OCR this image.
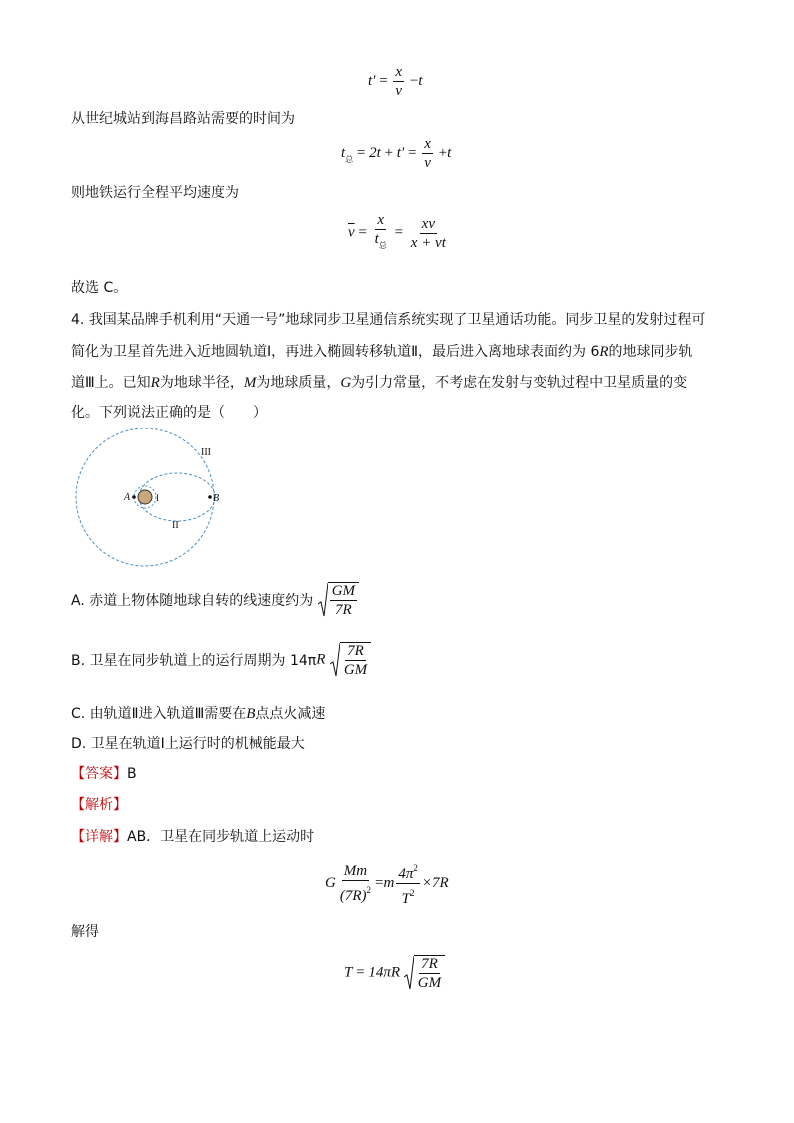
$t' = \frac{x}{v} -t$
从世纪城站到海昌路站需要的时间为
$t_总 = 2t + t' = \frac{x}{v} +t$
则地铁运行全程平均速度为
$\overline{v} = \frac{x}{t_总} = \frac{xv}{x + vt}$
故选 C。
4. 我国某品牌手机利用“天通一号”地球同步卫星通信系统实现了卫星通话功能。同步卫星的发射过程可
简化为卫星首先进入近地圆轨道Ⅰ，再进入椭圆转移轨道Ⅱ，最后进入离地球表面约为 6R的地球同步轨
道Ⅲ上。已知R为地球半径，M为地球质量，G为引力常量，不考虑在发射与变轨过程中卫星质量的变
化。下列说法正确的是（　　）
III
II
I
A	B
A. 赤道上物体随地球自转的线速度约为 $\frac{GM}{7R}$
B. 卫星在同步轨道上的运行周期为 $14\pi R \frac{7R}{GM}$
C. 由轨道Ⅱ进入轨道Ⅲ需要在B点点火减速
D. 卫星在轨道Ⅰ上运行时的机械能最大
【答案】B
【解析】
【详解】AB．卫星在同步轨道上运动时
G $\frac{Mm}{(7R)^2} =m \frac{4\pi^2}{T^2} \times 7R$
解得
$T = 14\pi R \frac{7R}{GM}$
